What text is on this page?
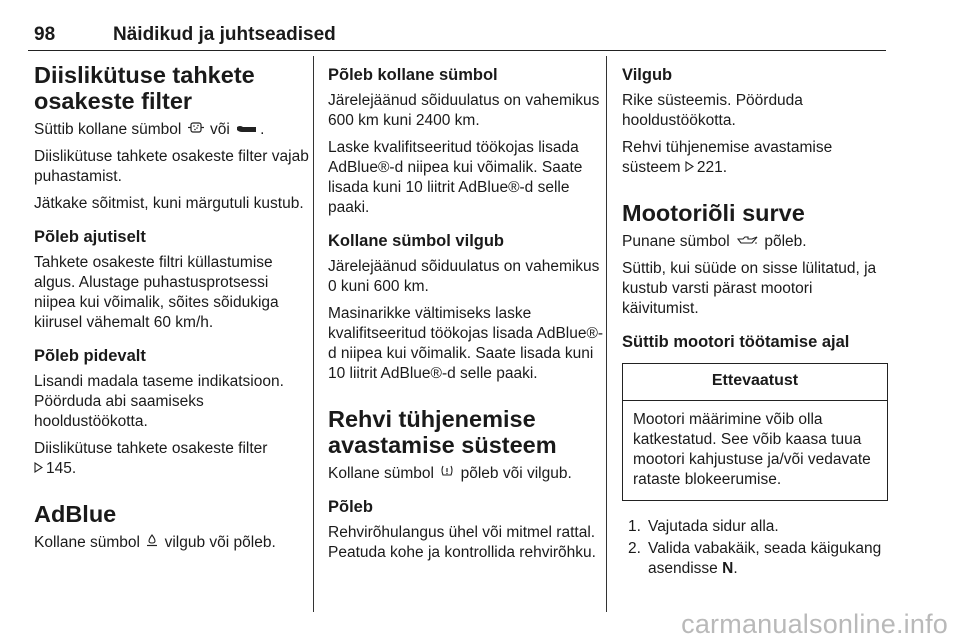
98	Näidikud ja juhtseadised
Diislikütuse tahkete
osakeste filter

Süttib kollane sümbol või .

Diislikütuse tahkete osakeste filter vajab puhastamist.

Jätkake sõitmist, kuni märgutuli kustub.

Põleb ajutiselt

Tahkete osakeste filtri küllastumise algus. Alustage puhastusprotsessi niipea kui võimalik, sõites sõidukiga kiirusel vähemalt 60 km/h.

Põleb pidevalt

Lisandi madala taseme indikatsioon. Pöörduda abi saamiseks hooldustöökotta.

Diislikütuse tahkete osakeste filter
145.

AdBlue

Kollane sümbol vilgub või põleb.

Põleb kollane sümbol

Järelejäänud sõiduulatus on vahemikus 600 km kuni 2400 km.

Laske kvalifitseeritud töökojas lisada AdBlue®-d niipea kui võimalik. Saate lisada kuni 10 liitrit AdBlue®-d selle paaki.

Kollane sümbol vilgub

Järelejäänud sõiduulatus on vahemikus 0 kuni 600 km.

Masinarikke vältimiseks laske kvalifitseeritud töökojas lisada AdBlue®-d niipea kui võimalik. Saate lisada kuni 10 liitrit AdBlue®-d selle paaki.

Rehvi tühjenemise
avastamise süsteem

Kollane sümbol põleb või vilgub.

Põleb

Rehvirõhulangus ühel või mitmel rattal. Peatuda kohe ja kontrollida rehvirõhku.

Vilgub

Rike süsteemis. Pöörduda hooldustöökotta.

Rehvi tühjenemise avastamise süsteem 221.

Mootoriõli surve

Punane sümbol põleb.

Süttib, kui süüde on sisse lülitatud, ja kustub varsti pärast mootori käivitumist.

Süttib mootori töötamise ajal
Ettevaatust
Mootori määrimine võib olla katkestatud. See võib kaasa tuua mootori kahjustuse ja/või vedavate rataste blokeerumise.
1. Vajutada sidur alla.
2. Valida vabakäik, seada käigukang asendisse N.
carmanualsonline.info
